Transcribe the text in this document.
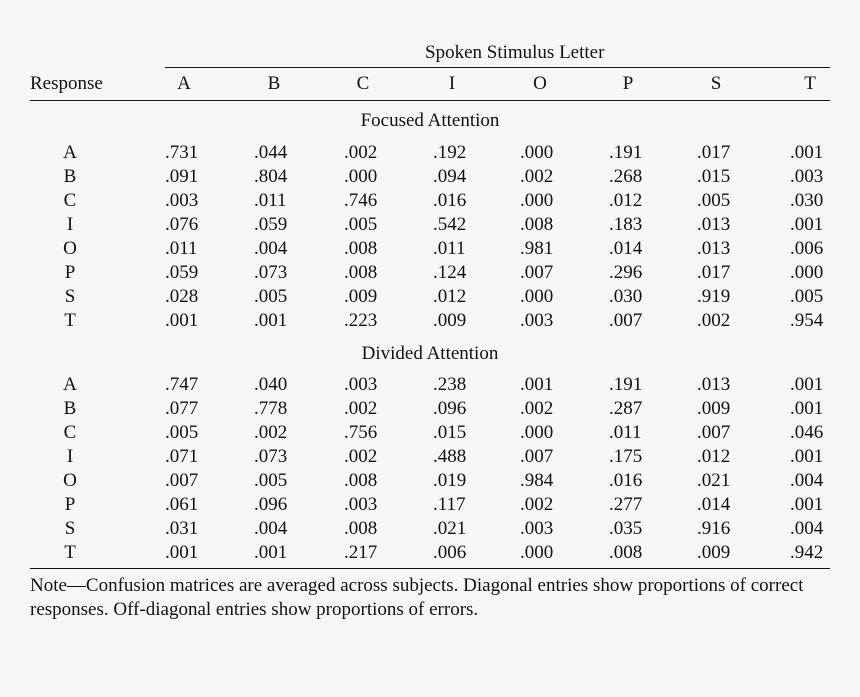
Spoken Stimulus Letter
Response	A	B	C	I	O	P	S	T
Focused Attention
A	.731	.044	.002	.192	.000	.191	.017	.001
B	.091	.804	.000	.094	.002	.268	.015	.003
C	.003	.011	.746	.016	.000	.012	.005	.030
I	.076	.059	.005	.542	.008	.183	.013	.001
O	.011	.004	.008	.011	.981	.014	.013	.006
P	.059	.073	.008	.124	.007	.296	.017	.000
S	.028	.005	.009	.012	.000	.030	.919	.005
T	.001	.001	.223	.009	.003	.007	.002	.954
Divided Attention
A	.747	.040	.003	.238	.001	.191	.013	.001
B	.077	.778	.002	.096	.002	.287	.009	.001
C	.005	.002	.756	.015	.000	.011	.007	.046
I	.071	.073	.002	.488	.007	.175	.012	.001
O	.007	.005	.008	.019	.984	.016	.021	.004
P	.061	.096	.003	.117	.002	.277	.014	.001
S	.031	.004	.008	.021	.003	.035	.916	.004
T	.001	.001	.217	.006	.000	.008	.009	.942
Note—Confusion matrices are averaged across subjects. Diagonal entries show proportions of correct responses. Off-diagonal entries show proportions of errors.
